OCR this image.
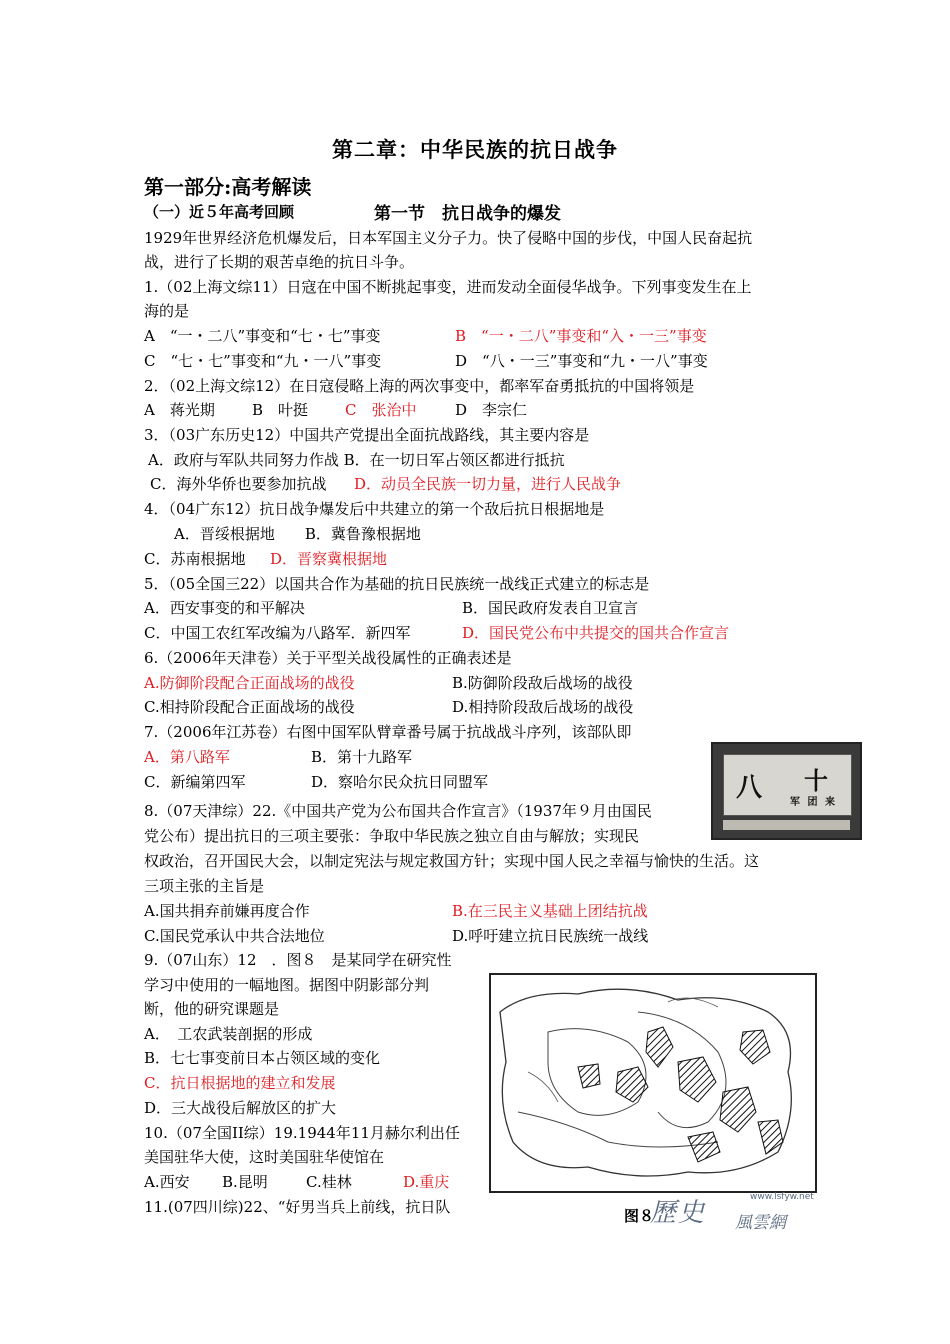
第二章：中华民族的抗日战争
第一部分:高考解读
（一）近５年高考回顾	第一节　抗日战争的爆发
1929年世界经济危机爆发后，日本军国主义分子力。快了侵略中国的步伐，中国人民奋起抗
战，进行了长期的艰苦卓绝的抗日斗争。
1.（02上海文综11）日寇在中国不断挑起事变，进而发动全面侵华战争。下列事变发生在上
海的是
A　“一・二八”事变和“七・七”事变	B　“一・二八”事变和“入・一三”事变
C　“七・七”事变和“九・一八”事变	D　“八・一三”事变和“九・一八”事变
2．（02上海文综12）在日寇侵略上海的两次事变中，都率军奋勇抵抗的中国将领是
A　蒋光期 B　叶挺 C　张治中	D　李宗仁
3．（03广东历史12）中国共产党提出全面抗战路线，其主要内容是
A．政府与军队共同努力作战 B．在一切日军占领区都进行抵抗
C．海外华侨也要参加抗战 D．动员全民族一切力量，进行人民战争
4．（04广东12）抗日战争爆发后中共建立的第一个敌后抗日根据地是
A．晋绥根据地　　B．冀鲁豫根据地
C．苏南根据地 D．晋察冀根据地
5．（05全国三22）以国共合作为基础的抗日民族统一战线正式建立的标志是
A．西安事变的和平解决	B．国民政府发表自卫宣言
C．中国工农红军改编为八路军．新四军	D．国民党公布中共提交的国共合作宣言
6.（2006年天津卷）关于平型关战役属性的正确表述是
A.防御阶段配合正面战场的战役	B.防御阶段敌后战场的战役
C.相持阶段配合正面战场的战役	D.相持阶段敌后战场的战役
7.（2006年江苏卷）右图中国军队臂章番号属于抗战战斗序列，该部队即
A．第八路军	B．第十九路军
C．新编第四军	D．察哈尔民众抗日同盟军	八 十
军 团 来
8.（07天津综）22.《中国共产党为公布国共合作宣言》（1937年９月由国民
党公布）提出抗日的三项主要张：争取中华民族之独立自由与解放；实现民
权政治，召开国民大会，以制定宪法与规定救国方针；实现中国人民之幸福与愉快的生活。这
三项主张的主旨是
A.国共捐弃前嫌再度合作	B.在三民主义基础上团结抗战
C.国民党承认中共合法地位	D.呼吁建立抗日民族统一战线
9.（07山东）12　．图８　是某同学在研究性
学习中使用的一幅地图。据图中阴影部分判
断，他的研究课题是
A．　工农武装剖据的形成
B．七七事变前日本占领区域的变化
C．抗日根据地的建立和发展
D．三大战役后解放区的扩大
10.（07全国II综）19.1944年11月赫尔利出任
美国驻华大使，这时美国驻华使馆在
A.西安 B.昆明	C.桂林	D.重庆
11.(07四川综)22、“好男当兵上前线，抗日队	图８
歷史
www.lsfyw.net
風雲網
